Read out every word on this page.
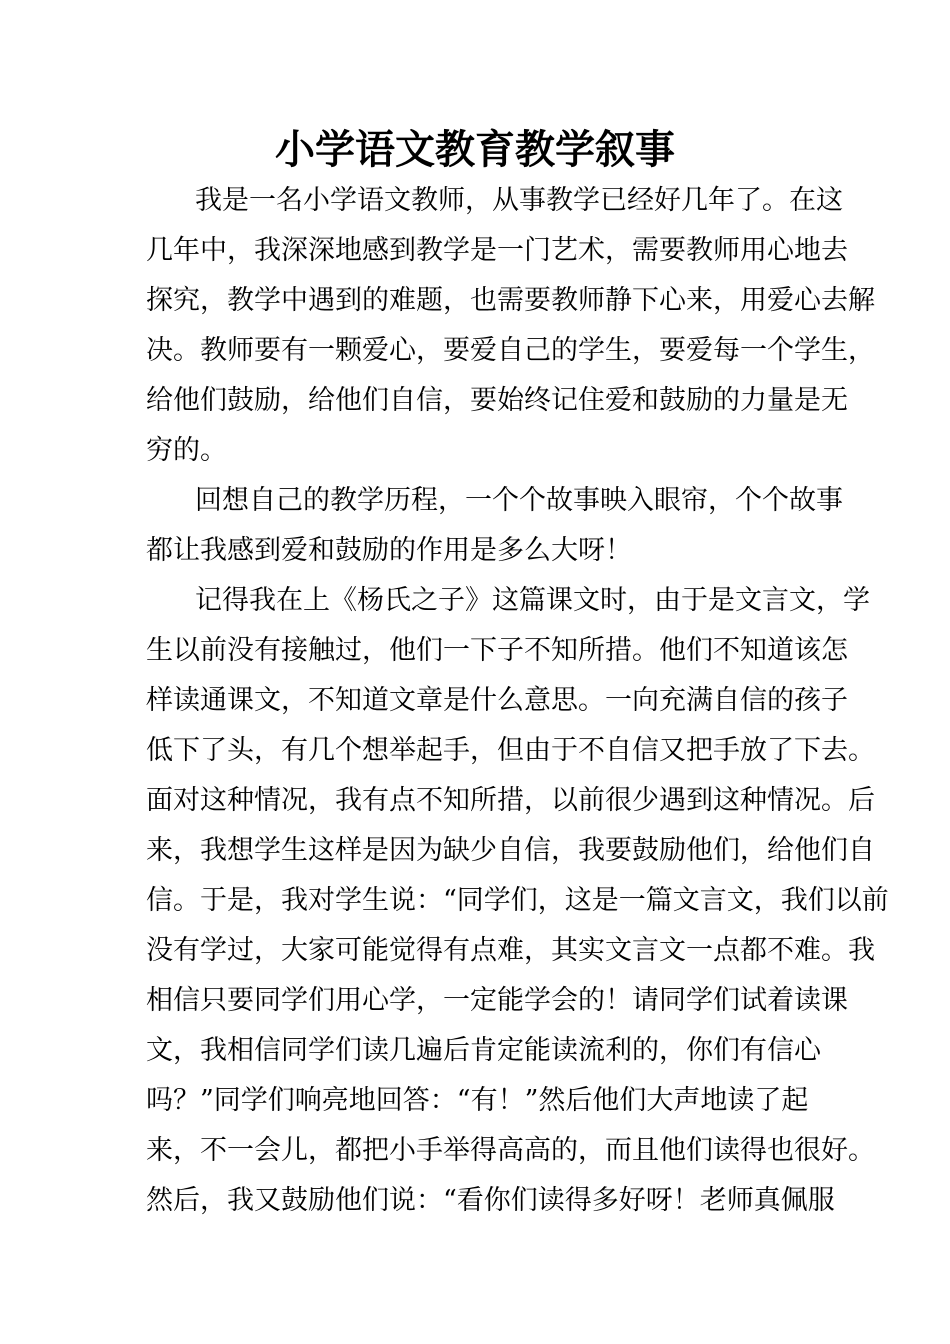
小学语文教育教学叙事

我是一名小学语文教师，从事教学已经好几年了。在这

几年中，我深深地感到教学是一门艺术，需要教师用心地去

探究，教学中遇到的难题，也需要教师静下心来，用爱心去解

决。教师要有一颗爱心，要爱自己的学生，要爱每一个学生，

给他们鼓励，给他们自信，要始终记住爱和鼓励的力量是无

穷的。

回想自己的教学历程，一个个故事映入眼帘，个个故事

都让我感到爱和鼓励的作用是多么大呀！

记得我在上《杨氏之子》这篇课文时，由于是文言文，学

生以前没有接触过，他们一下子不知所措。他们不知道该怎

样读通课文，不知道文章是什么意思。一向充满自信的孩子

低下了头，有几个想举起手，但由于不自信又把手放了下去。

面对这种情况，我有点不知所措，以前很少遇到这种情况。后

来，我想学生这样是因为缺少自信，我要鼓励他们，给他们自

信。于是，我对学生说：“同学们，这是一篇文言文，我们以前

没有学过，大家可能觉得有点难，其实文言文一点都不难。我

相信只要同学们用心学，一定能学会的！请同学们试着读课

文，我相信同学们读几遍后肯定能读流利的，你们有信心

吗？”同学们响亮地回答：“有！”然后他们大声地读了起

来，不一会儿，都把小手举得高高的，而且他们读得也很好。

然后，我又鼓励他们说：“看你们读得多好呀！老师真佩服
